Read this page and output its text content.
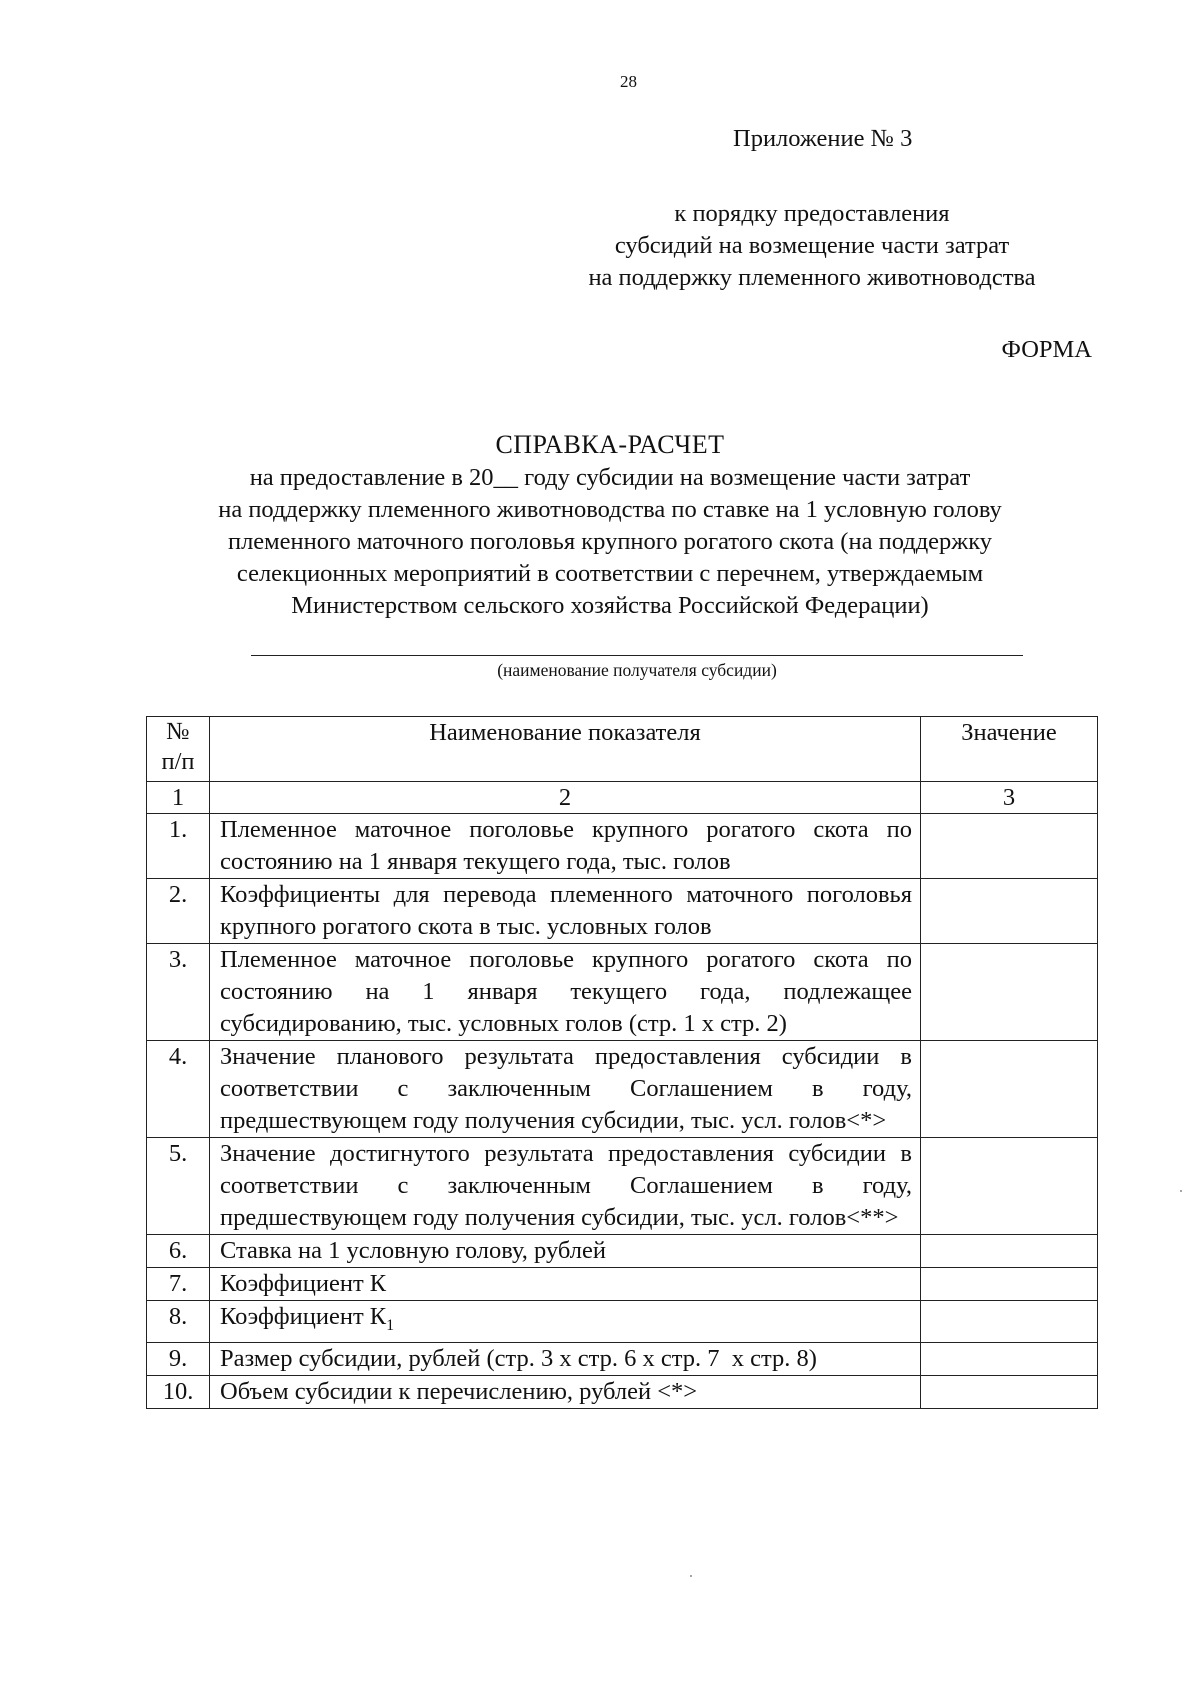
28
Приложение № 3
к порядку предоставления
субсидий на возмещение части затрат
на поддержку племенного животноводства
ФОРМА
СПРАВКА-РАСЧЕТ
на предоставление в 20__ году субсидии на возмещение части затрат
на поддержку племенного животноводства по ставке на 1 условную голову
племенного маточного поголовья крупного рогатого скота (на поддержку
селекционных мероприятий в соответствии с перечнем, утверждаемым
Министерством сельского хозяйства Российской Федерации)
(наименование получателя субсидии)
№
п/п	Наименование показателя	Значение
1	2	3
1.	Племенное маточное поголовье крупного рогатого скота по состоянию на 1 января текущего года, тыс. голов	

2.	Коэффициенты для перевода племенного маточного поголовья крупного рогатого скота в тыс. условных голов	

3.	Племенное маточное поголовье крупного рогатого скота по состоянию на 1 января текущего года, подлежащее субсидированию, тыс. условных голов (стр. 1 х стр. 2)	

4.	Значение планового результата предоставления субсидии в соответствии с заключенным Соглашением в году, предшествующем году получения субсидии, тыс. усл. голов<*>	

5.	Значение достигнутого результата предоставления субсидии в соответствии с заключенным Соглашением в году, предшествующем году получения субсидии, тыс. усл. голов<**>	

6.	Ставка на 1 условную голову, рублей	

7.	Коэффициент К	

8.	Коэффициент $К_1$

9.	Размер субсидии, рублей (стр. 3 х стр. 6 х стр. 7  х стр. 8)	

10.	Объем субсидии к перечислению, рублей <*>	
